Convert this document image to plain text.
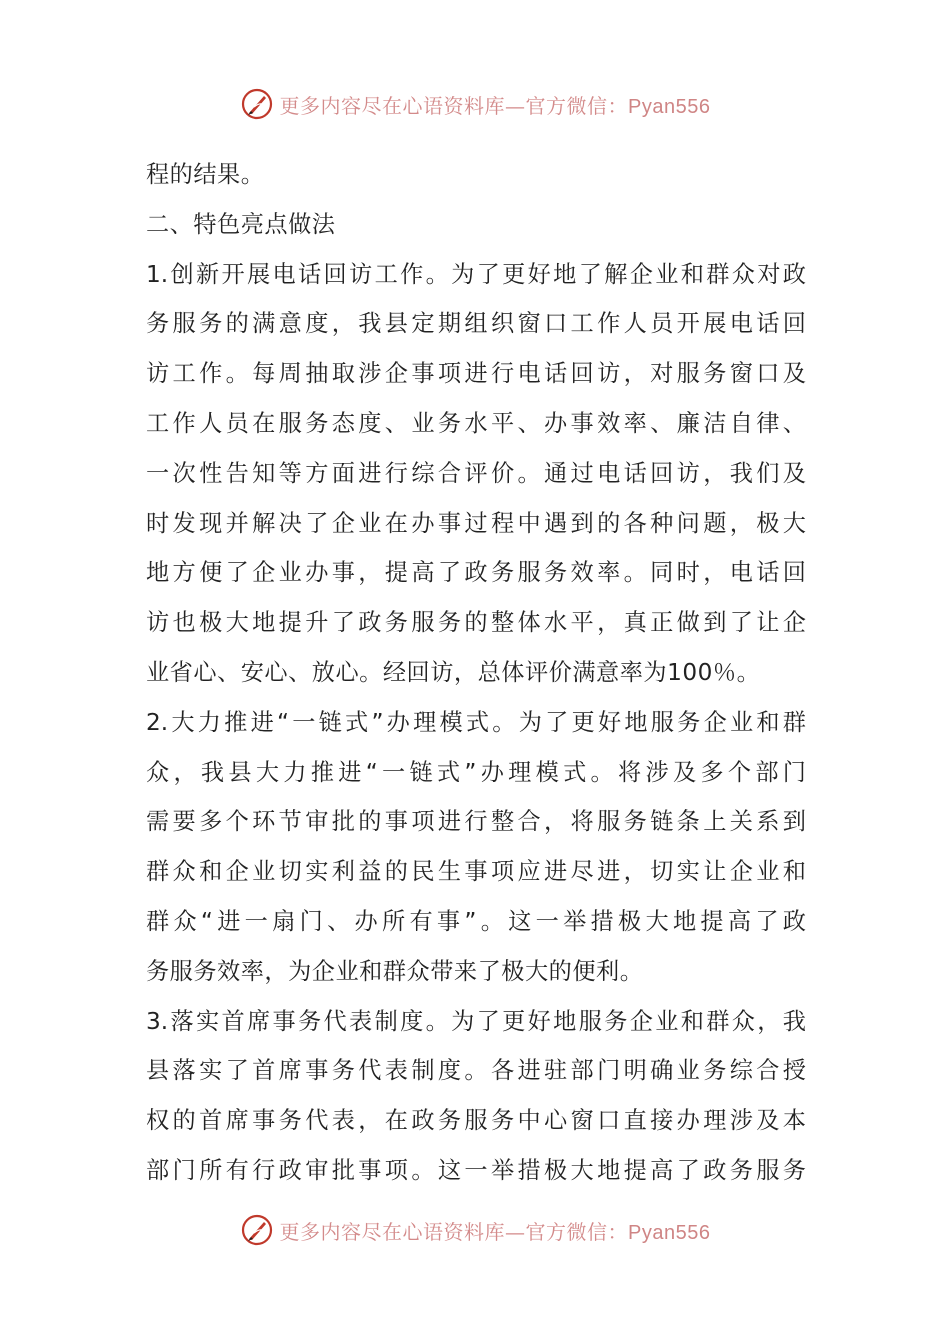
更多内容尽在心语资料库—官方微信：Pyan556
程的结果。
二、特色亮点做法
1.创新开展电话回访工作。为了更好地了解企业和群众对政
务服务的满意度，我县定期组织窗口工作人员开展电话回
访工作。每周抽取涉企事项进行电话回访，对服务窗口及
工作人员在服务态度、业务水平、办事效率、廉洁自律、
一次性告知等方面进行综合评价。通过电话回访，我们及
时发现并解决了企业在办事过程中遇到的各种问题，极大
地方便了企业办事，提高了政务服务效率。同时，电话回
访也极大地提升了政务服务的整体水平，真正做到了让企
业省心、安心、放心。经回访，总体评价满意率为100％。
2.大力推进“一链式”办理模式。为了更好地服务企业和群
众，我县大力推进“一链式”办理模式。将涉及多个部门
需要多个环节审批的事项进行整合，将服务链条上关系到
群众和企业切实利益的民生事项应进尽进，切实让企业和
群众“进一扇门、办所有事”。这一举措极大地提高了政
务服务效率，为企业和群众带来了极大的便利。
3.落实首席事务代表制度。为了更好地服务企业和群众，我
县落实了首席事务代表制度。各进驻部门明确业务综合授
权的首席事务代表，在政务服务中心窗口直接办理涉及本
部门所有行政审批事项。这一举措极大地提高了政务服务
更多内容尽在心语资料库—官方微信：Pyan556
